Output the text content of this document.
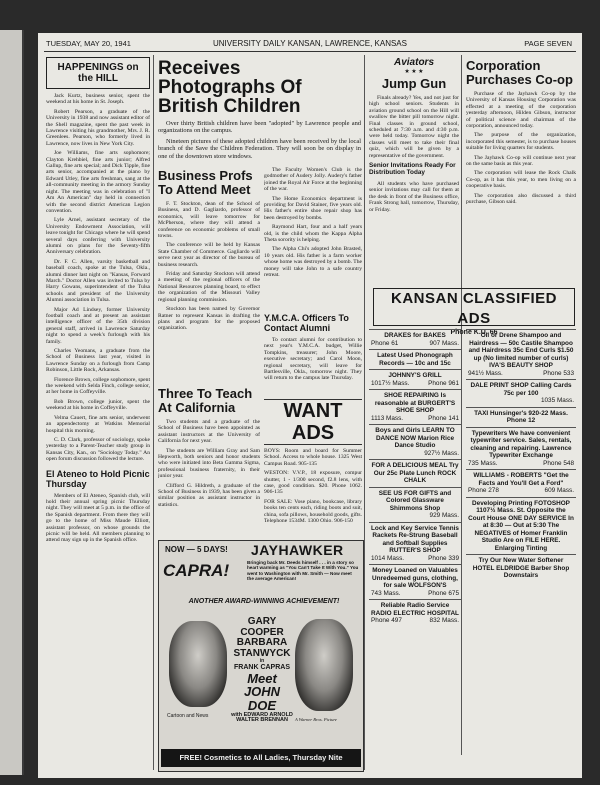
TUESDAY, MAY 20, 1941	UNIVERSITY DAILY KANSAN, LAWRENCE, KANSAS	PAGE SEVEN
HAPPENINGS on the HILL

Jack Kurtz, business senior, spent the weekend at his home in St. Joseph.

Robert Pearson, a graduate of the University in 1938 and now assistant editor of the Shell magazine, spent the past week in Lawrence visiting his grandmother, Mrs. J. R. Greenlees. Pearson, who formerly lived in Lawrence, now lives in New York City.

Joe Williams, fine arts sophomore; Clayton Krehbiel, fine arts junior; Alfred Gallup, fine arts special; and Dick Tipple, fine arts senior, accompanied at the piano by Edward Utley, fine arts freshman, sang at the all-community meeting in the armory Sunday night. The meeting was in celebration of "I Am An American" day held in connection with the second district American Legion convention.

Lyle Arnel, assistant secretary of the University Endowment Association, will leave tonight for Chicago where he will spend several days conferring with University alumni on plans for the Seventy-fifth Anniversary celebration.

Dr. F. C. Allen, varsity basketball and baseball coach, spoke at the Tulsa, Okla., alumni dinner last night on "Kansas, Forward March." Doctor Allen was invited to Tulsa by Harry Gowans, superintendent of the Tulsa schools and president of the University Alumni association in Tulsa.

Major Ad Lindsey, former University football coach and at present an assistant intelligence officer of the 35th division general staff, arrived in Lawrence Saturday night to spend a week's furlough with his family.

Charles Yeomans, a graduate from the School of Business last year, visited in Lawrence Sunday on a furlough from Camp Robinson, Little Rock, Arkansas.

Florence Brown, college sophomore, spent the weekend with Selda Finch, college senior, at her home in Coffeyville.

Bob Brown, college junior, spent the weekend at his home in Coffeyville.

Velma Cauert, fine arts senior, underwent an appendectomy at Watkins Memorial hospital this morning.

C. D. Clark, professor of sociology, spoke yesterday to a Parent-Teacher study group in Kansas City, Kan., on "Sociology Today." An open forum discussion followed the lecture.

El Ateneo to Hold Picnic Thursday

Members of El Ateneo, Spanish club, will hold their annual spring picnic Thursday night. They will meet at 5 p.m. in the office of the Spanish department. From there they will go to the home of Miss Maude Elliott, assistant professor, on whose grounds the picnic will be held. All members planning to attend may sign up in the Spanish office.

Receives Photographs Of British Children

Over thirty British children have been "adopted" by Lawrence people and organizations on the campus.

Nineteen pictures of these adopted children have been received by the local branch of the Save the Children Federation. They will soon be on display in one of the downtown store windows.

Business Profs To Attend Meet

F. T. Stockton, dean of the School of Business, and D. Gagliardo, professor of economics, will leave tomorrow for McPherson, where they will attend a conference on economic problems of small towns.

The conference will be held by Kansas State Chamber of Commerce. Gagliardo will serve next year as director of the bureau of business research.

Friday and Saturday Stockton will attend a meeting of the regional officers of the National Resources planning board, to effect the organization of the Missouri Valley regional planning commission.

Stockton has been named by Governor Ratner to represent Kansas in drafting the plans and program for the proposed organization.

Three To Teach At California

Two students and a graduate of the School of Business have been appointed as assistant instructors at the University of California for next year.

The students are William Gray and Sam Hepworth, both seniors and honor students who were initiated into Beta Gamma Sigma, professional business fraternity, in their junior year.

Clifford G. Hildreth, a graduate of the School of Business in 1939, has been given a similar position as assistant instructor in statistics.

The Faculty Women's Club is the godmother of Audery Jolly. Audery's father joined the Royal Air Force at the beginning of the war.

The Home Economics department is providing for David Stainer, five years old. His father's entire shoe repair shop has been destroyed by bombs.

Raymond Hart, four and a half years old, is the child whom the Kappa Alpha Theta sorority is helping.

The Alpha Chi's adopted John Brasted, 10 years old. His father is a farm worker whose home was destroyed by a bomb. The money will take John to a safe country retreat.

Y.M.C.A. Officers To Contact Alumni

To contact alumni for contribution to next year's Y.M.C.A. budget, Willie Tompkins, treasurer; John Moore, executive secretary; and Carol Moon, regional secretary, will leave for Bartlesville, Okla., tomorrow night. They will return to the campus late Thursday.

WANT ADS

BOYS: Room and board for Summer School. Access to whole house. 1325 West Campus Road. 905-135

WESTON: V.V.P., 18 exposure, compur shutter, 1 - 1/300 second, f2.8 lens, with case, good condition. $20. Phone 1062. 906-135

FOR SALE: Vose piano, bookcase, library books ten cents each, riding boots and suit, china, sofa pillows, household goods, gifts. Telephone 1534M. 1300 Ohio. 906-150

NOW — 5 DAYS! JAYHAWKER
CAPRA!	Bringing back Mr. Deeds himself . . . in a story so heart warming as "You Can't Take It With You." You went to Washington with Mr. Smith — Now meet the average American!
ANOTHER AWARD-WINNING ACHIEVEMENT!
GARY COOPER
BARBARA STANWYCK
in
FRANK CAPRAS
Meet JOHN DOE
with EDWARD ARNOLD WALTER BRENNAN
Cartoon and News
A Warner Bros. Picture
FREE! Cosmetics to All Ladies, Thursday Nite
Aviators
★ ★ ★
Jump Gun

Finals already? Yes, and not just for high school seniors. Students in aviation ground school on the Hill will swallow the bitter pill tomorrow night. Final classes in ground school, scheduled at 7:30 a.m. and 4:30 p.m. were held today. Tomorrow night the classes will meet to take their final quiz, which will be given by a representative of the government.

Senior Invitations Ready For Distribution Today

All students who have purchased senior invitations may call for them at the desk in front of the Business office, Frank Strong hall, tomorrow, Thursday, or Friday.

Corporation Purchases Co-op

Purchase of the Jayhawk Co-op by the University of Kansas Housing Corporation was effected at a meeting of the corporation yesterday afternoon, Hilden Gibson, instructor of political science and chairman of the corporation, announced today.

The purpose of the organization, incorporated this semester, is to purchase houses suitable for living quarters for students.

The Jayhawk Co-op will continue next year on the same basis as this year.

The corporation will lease the Rock Chalk Co-op, as it has this year, to men living on a cooperative basis.

The corporation also discussed a third purchase, Gibson said.

KANSAN CLASSIFIED ADS
Phone K.U. 66
DRAKES for BAKES
Phone 61	907 Mass.
Latest Used Phonograph Records — 10c and 15c
JOHNNY'S GRILL
1017½ Mass.	Phone 961
SHOE REPAIRING Is reasonable at BURGERT'S SHOE SHOP
1113 Mass.	Phone 141
Boys and Girls LEARN TO DANCE NOW Marion Rice Dance Studio
927½ Mass.
FOR A DELICIOUS MEAL Try Our 25c Plate Lunch ROCK CHALK
SEE US FOR GIFTS and Colored Glassware Shimmons Shop
929 Mass.
Lock and Key Service Tennis Rackets Re-Strung Baseball and Softball Supplies RUTTER'S SHOP
1014 Mass.	Phone 339
Money Loaned on Valuables Unredeemed guns, clothing, for sale WOLFSON'S
743 Mass.	Phone 675
Reliable Radio Service RADIO ELECTRIC HOSPITAL
Phone 497	832 Mass.
Oil or Drene Shampoo and Hairdress — 50c Castile Shampoo and Hairdress 35c End Curls $1.50 up (No limited number of curls) IVA'S BEAUTY SHOP
941½ Mass.	Phone 533
DALE PRINT SHOP Calling Cards 75c per 100
1035 Mass.
TAXI Hunsinger's 920-22 Mass. Phone 12
Typewriters We have convenient typewriter service. Sales, rentals, cleaning and repairing. Lawrence Typewriter Exchange
735 Mass.	Phone 548
WILLIAMS - ROBERTS "Get the Facts and You'll Get a Ford"
Phone 278	609 Mass.
Developing Printing FOTOSHOP 1107½ Mass. St. Opposite the Court House ONE DAY SERVICE In at 8:30 — Out at 5:30 The NEGATIVES of Homer Franklin Studio Are on FILE HERE. Enlarging Tinting
Try Our New Water Softener HOTEL ELDRIDGE Barber Shop Downstairs
